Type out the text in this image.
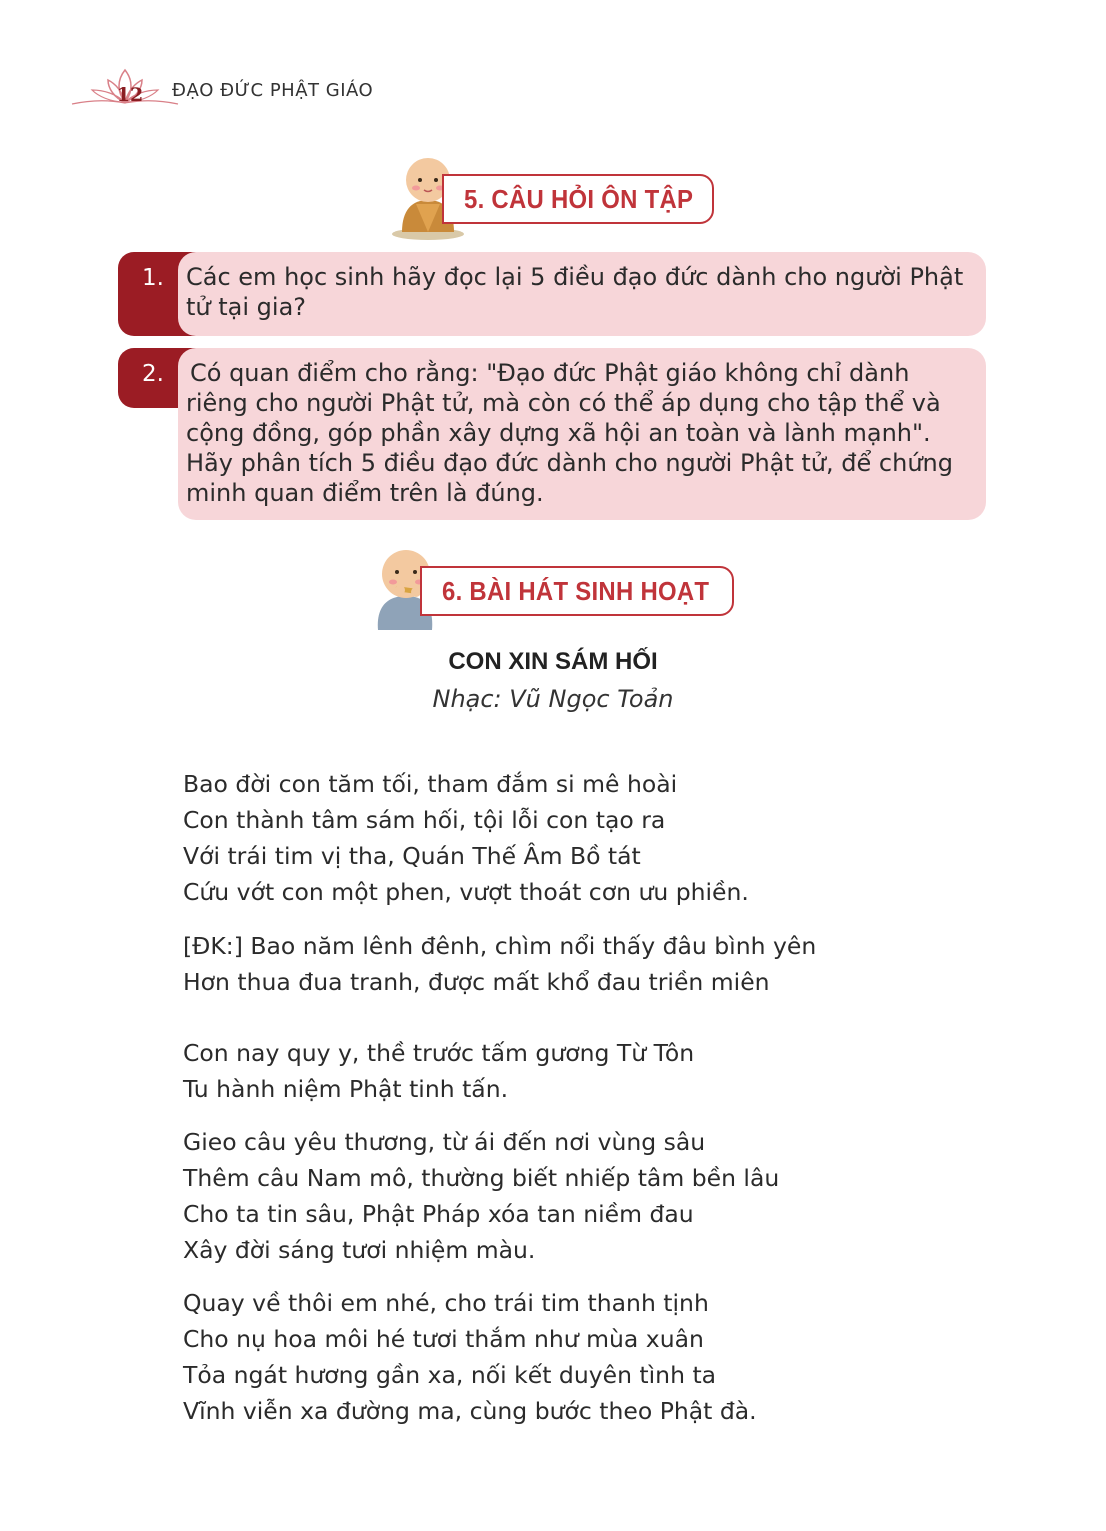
12	ĐẠO ĐỨC PHẬT GIÁO
5. CÂU HỎI ÔN TẬP
1. Các em học sinh hãy đọc lại 5 điều đạo đức dành cho người Phật
tử tại gia?
2.	Có quan điểm cho rằng: "Đạo đức Phật giáo không chỉ dành
riêng cho người Phật tử, mà còn có thể áp dụng cho tập thể và
cộng đồng, góp phần xây dựng xã hội an toàn và lành mạnh".
Hãy phân tích 5 điều đạo đức dành cho người Phật tử, để chứng
minh quan điểm trên là đúng.
6. BÀI HÁT SINH HOẠT
CON XIN SÁM HỐI
Nhạc: Vũ Ngọc Toản
Bao đời con tăm tối, tham đắm si mê hoài
Con thành tâm sám hối, tội lỗi con tạo ra
Với trái tim vị tha, Quán Thế Âm Bồ tát
Cứu vớt con một phen, vượt thoát cơn ưu phiền.
[ĐK:] Bao năm lênh đênh, chìm nổi thấy đâu bình yên
Hơn thua đua tranh, được mất khổ đau triền miên
Con nay quy y, thề trước tấm gương Từ Tôn
Tu hành niệm Phật tinh tấn.
Gieo câu yêu thương, từ ái đến nơi vùng sâu
Thêm câu Nam mô, thường biết nhiếp tâm bền lâu
Cho ta tin sâu, Phật Pháp xóa tan niềm đau
Xây đời sáng tươi nhiệm màu.
Quay về thôi em nhé, cho trái tim thanh tịnh
Cho nụ hoa môi hé tươi thắm như mùa xuân
Tỏa ngát hương gần xa, nối kết duyên tình ta
Vĩnh viễn xa đường ma, cùng bước theo Phật đà.
